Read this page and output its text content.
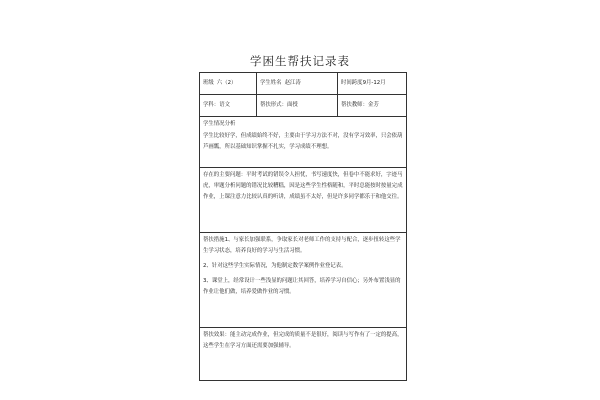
学困生帮扶记录表
班级 六（2）	学生姓名 赵江涛	时间跨度 9月-12月
学科： 语文	帮扶形式： 面授	帮扶教师： 金芳

学生情况分析

学生比较好学，但成绩始终不好，主要由于学习方法不对，没有学习效率，只会依葫芦画瓢，所以基础知识掌握不扎实，学习成绩不理想。

存在的主要问题：平时考试的错误令人担忧，书写速度快，但卷中不能求好，字迹马虎，审题分析问题的错况比较糟糕，因是这些学生性格随和，平时总能按时按量完成作业，上课注意力比较认真的听讲，成绩虽不太好，但是许多同学都乐于和他交往。

帮扶措施1、与家长加强联系，争取家长对老师工作的支持与配合，逐步扭转这些学生学习状态，培养良好的学习与生活习惯。

2、针对这些学生实际情况，为他制定数学案例作业登记表。

3、课堂上，经常设计一些浅显的问题让其回答，培养学习自信心；另外布置浅显的作业让他们做，培养爱做作业的习惯。

帮扶效果：能主动完成作业，但完成的质量不是很好，阅读与写作有了一定的提高，这些学生在学习方面还需要加强辅导。
